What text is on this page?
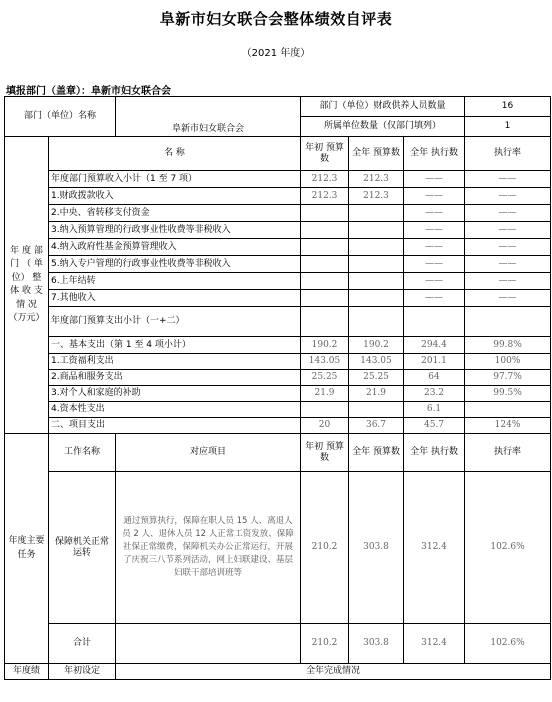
阜新市妇女联合会整体绩效自评表
（2021 年度）
填报部门（盖章）：阜新市妇女联合会
部门（单位）名称		阜新市妇女联合会	部门（单位）财政供养人员数量			16
			所属单位数量（仅部门填列）			1
年 度 部 门 （ 单 位） 整 体 收 支 情 况 （万元）	名 称		年初 预算数	全年 预算数	全年 执行数	执行率
	年度部门预算收入小计（1 至 7 项）		212.3	212.3	——	——
	1.财政拨款收入		212.3	212.3	——	——
	2.中央、省转移支付资金				——	——
	3.纳入预算管理的行政事业性收费等非税收入				——	——
	4.纳入政府性基金预算管理收入				——	——
	5.纳入专户管理的行政事业性收费等非税收入				——	——
	6.上年结转				——	——
	7.其他收入				——	——
	年度部门预算支出小计（一+二）					
	一、基本支出（第 1 至 4 项小计）		190.2	190.2	294.4	99.8%
	1.工资福利支出		143.05	143.05	201.1	100%
	2.商品和服务支出		25.25	25.25	64	97.7%
	3.对个人和家庭的补助		21.9	21.9	23.2	99.5%
	4.资本性支出				6.1	
	二、项目支出		20	36.7	45.7	124%
年度主要任务	工作名称	对应项目	年初 预算数	全年 预算数	全年 执行数	执行率
	保障机关正常运转	通过预算执行，保障在职人员 15 人、离退人员 2 人、退休人员 12 人正常工资发放、保障社保正常缴费，保障机关办公正常运行，开展了庆祝三八节系列活动，网上妇联建设、基层妇联干部培训班等	210.2	303.8	312.4	102.6%
	合计		210.2	303.8	312.4	102.6%
年度绩	年初设定	全年完成情况				
